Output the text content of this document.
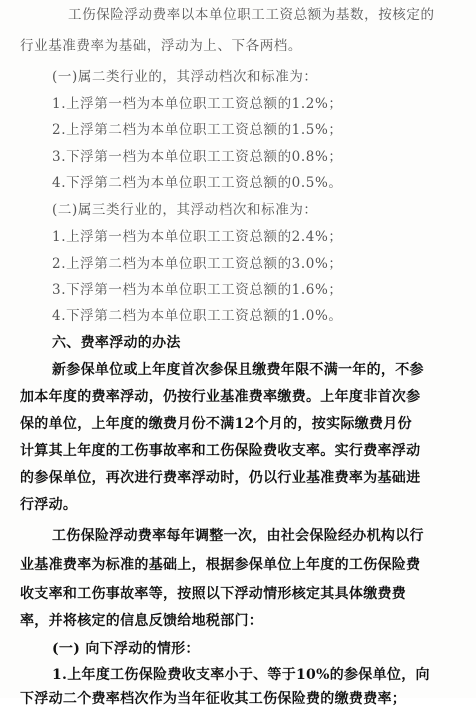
工伤保险浮动费率以本单位职工工资总额为基数，按核定的
行业基准费率为基础，浮动为上、下各两档。
(一)属二类行业的，其浮动档次和标准为：
1.上浮第一档为本单位职工工资总额的1.2%；
2.上浮第二档为本单位职工工资总额的1.5%；
3.下浮第一档为本单位职工工资总额的0.8%；
4.下浮第二档为本单位职工工资总额的0.5%。
(二)属三类行业的，其浮动档次和标准为：
1.上浮第一档为本单位职工工资总额的2.4%；
2.上浮第二档为本单位职工工资总额的3.0%；
3.下浮第一档为本单位职工工资总额的1.6%；
4.下浮第二档为本单位职工工资总额的1.0%。
六、费率浮动的办法
新参保单位或上年度首次参保且缴费年限不满一年的，不参
加本年度的费率浮动，仍按行业基准费率缴费。上年度非首次参
保的单位，上年度的缴费月份不满12个月的，按实际缴费月份
计算其上年度的工伤事故率和工伤保险费收支率。实行费率浮动
的参保单位，再次进行费率浮动时，仍以行业基准费率为基础进
行浮动。
工伤保险浮动费率每年调整一次，由社会保险经办机构以行
业基准费率为标准的基础上，根据参保单位上年度的工伤保险费
收支率和工伤事故率等，按照以下浮动情形核定其具体缴费费
率，并将核定的信息反馈给地税部门：
(一) 向下浮动的情形：
1.上年度工伤保险费收支率小于、等于10%的参保单位，向
下浮动二个费率档次作为当年征收其工伤保险费的缴费费率；
